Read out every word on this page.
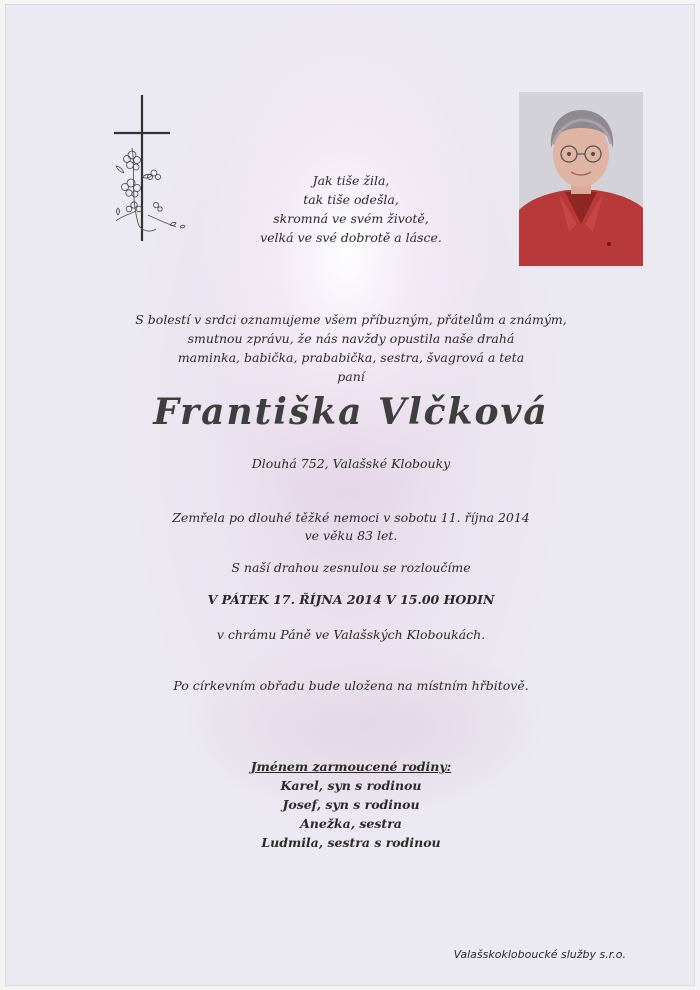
Jak tiše žila,
tak tiše odešla,
skromná ve svém životě,
velká ve své dobrotě a lásce.
S bolestí v srdci oznamujeme všem příbuzným, přátelům a známým,
smutnou zprávu, že nás navždy opustila naše drahá
maminka, babička, prababička, sestra, švagrová a teta
paní
Františka Vlčková
Dlouhá 752, Valašské Klobouky
Zemřela po dlouhé těžké nemoci v sobotu 11. října 2014
ve věku 83 let.
S naší drahou zesnulou se rozloučíme
V PÁTEK 17. ŘÍJNA 2014 V 15.00 HODIN
v chrámu Páně ve Valašských Kloboukách.
Po církevním obřadu bude uložena na místním hřbitově.
Jménem zarmoucené rodiny:
Karel, syn s rodinou
Josef, syn s rodinou
Anežka, sestra
Ludmila, sestra s rodinou
Valašskokloboucké služby s.r.o.
